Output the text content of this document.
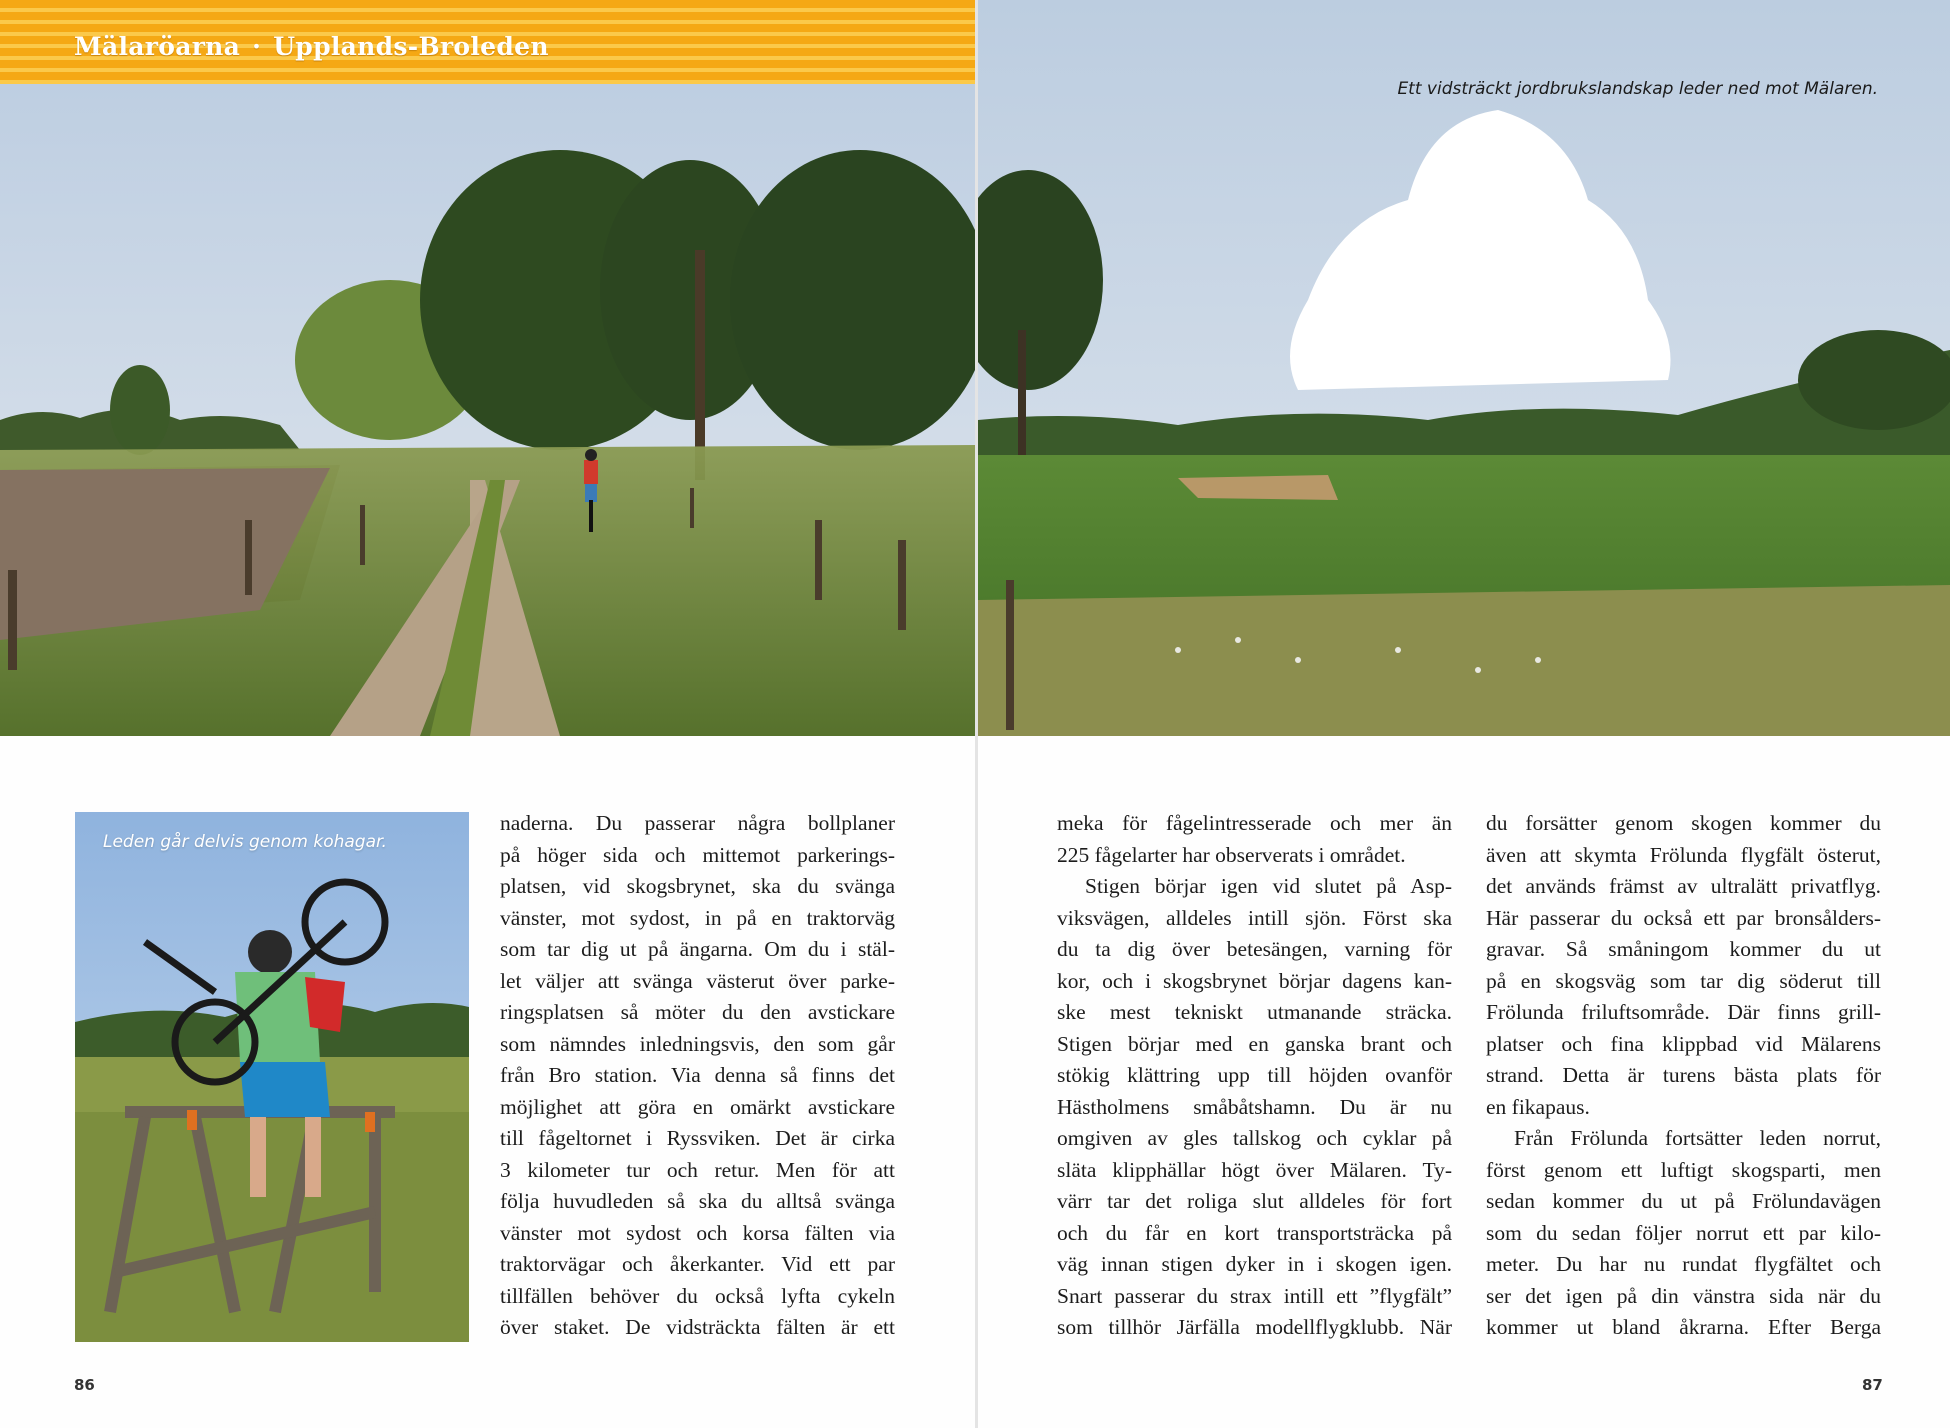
Mälaröarna · Upplands-Broleden
Leden går delvis genom kohagar.
naderna. Du passerar några bollplaner
på höger sida och mittemot parkerings-
platsen, vid skogsbrynet, ska du svänga
vänster, mot sydost, in på en traktorväg
som tar dig ut på ängarna. Om du i stäl-
let väljer att svänga västerut över parke-
ringsplatsen så möter du den avstickare
som nämndes inledningsvis, den som går
från Bro station. Via denna så finns det
möjlighet att göra en omärkt avstickare
till fågeltornet i Ryssviken. Det är cirka
3 kilometer tur och retur. Men för att
följa huvudleden så ska du alltså svänga
vänster mot sydost och korsa fälten via
traktorvägar och åkerkanter. Vid ett par
tillfällen behöver du också lyfta cykeln
över staket. De vidsträckta fälten är ett
86
Ett vidsträckt jordbrukslandskap leder ned mot Mälaren.
meka för fågelintresserade och mer än
225 fågelarter har observerats i området.
Stigen börjar igen vid slutet på Asp-
viksvägen, alldeles intill sjön. Först ska
du ta dig över betesängen, varning för
kor, och i skogsbrynet börjar dagens kan-
ske mest tekniskt utmanande sträcka.
Stigen börjar med en ganska brant och
stökig klättring upp till höjden ovanför
Hästholmens småbåtshamn. Du är nu
omgiven av gles tallskog och cyklar på
släta klipphällar högt över Mälaren. Ty-
värr tar det roliga slut alldeles för fort
och du får en kort transportsträcka på
väg innan stigen dyker in i skogen igen.
Snart passerar du strax intill ett ”flygfält”
som tillhör Järfälla modellflygklubb. När
du forsätter genom skogen kommer du
även att skymta Frölunda flygfält österut,
det används främst av ultralätt privatflyg.
Här passerar du också ett par bronsålders-
gravar. Så småningom kommer du ut
på en skogsväg som tar dig söderut till
Frölunda friluftsområde. Där finns grill-
platser och fina klippbad vid Mälarens
strand. Detta är turens bästa plats för
en fikapaus.
Från Frölunda fortsätter leden norrut,
först genom ett luftigt skogsparti, men
sedan kommer du ut på Frölundavägen
som du sedan följer norrut ett par kilo-
meter. Du har nu rundat flygfältet och
ser det igen på din vänstra sida när du
kommer ut bland åkrarna. Efter Berga
87
